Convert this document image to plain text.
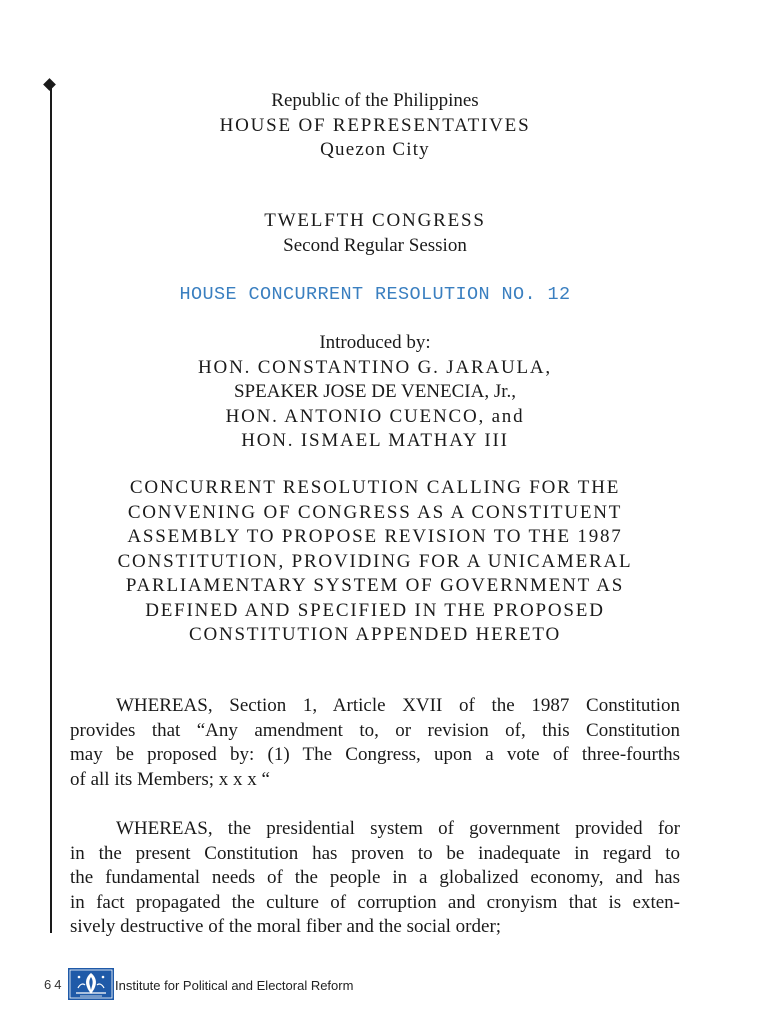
Republic of the Philippines
HOUSE OF REPRESENTATIVES
Quezon City
TWELFTH CONGRESS
Second Regular Session
HOUSE CONCURRENT RESOLUTION NO. 12
Introduced by:
HON. CONSTANTINO G. JARAULA,
SPEAKER JOSE DE VENECIA, Jr.,
HON. ANTONIO CUENCO, and
HON. ISMAEL MATHAY III
CONCURRENT RESOLUTION CALLING FOR THE
CONVENING OF CONGRESS AS A CONSTITUENT
ASSEMBLY TO PROPOSE REVISION TO THE 1987
CONSTITUTION, PROVIDING FOR A UNICAMERAL
PARLIAMENTARY SYSTEM OF GOVERNMENT AS
DEFINED AND SPECIFIED IN THE PROPOSED
CONSTITUTION APPENDED HERETO
WHEREAS, Section 1, Article XVII of the 1987 Constitution
provides that “Any amendment to, or revision of, this Constitution
may be proposed by: (1) The Congress, upon a vote of three-fourths
of all its Members; x x x “
WHEREAS, the presidential system of government provided for
in the present Constitution has proven to be inadequate in regard to
the fundamental needs of the people in a globalized economy, and has
in fact propagated the culture of corruption and cronyism that is exten-
sively destructive of the moral fiber and the social order;
64	Institute for Political and Electoral Reform
